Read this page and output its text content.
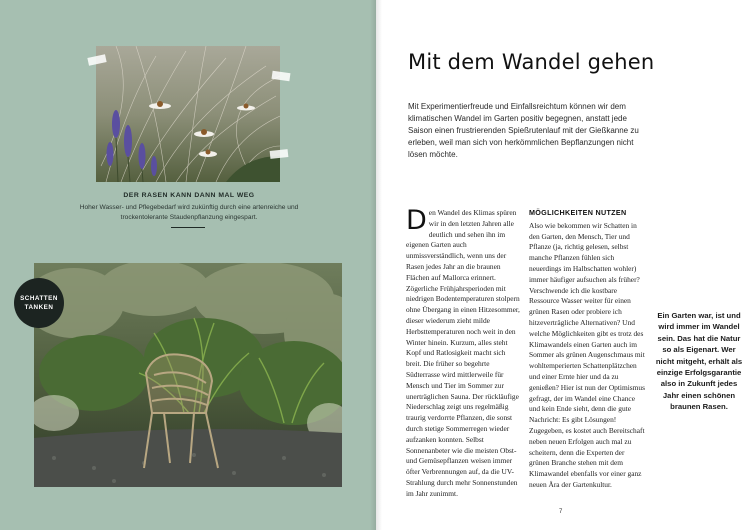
DER RASEN KANN DANN MAL WEG
Hoher Wasser- und Pflegebedarf wird zukünftig durch eine artenreiche und trockentolerante Staudenpflanzung eingespart.
SCHATTEN
TANKEN
Mit dem Wandel gehen

Mit Experimentierfreude und Einfallsreichtum können wir dem klimatischen Wandel im Garten positiv begegnen, anstatt jede Saison einen frustrierenden Spießrutenlauf mit der Gießkanne zu erleben, weil man sich von herkömmlichen Bepflanzungen nicht lösen möchte.

Den Wandel des Klimas spüren wir in den letzten Jahren alle deutlich und sehen ihn im eigenen Garten auch unmissverständlich, wenn uns der Rasen jedes Jahr an die braunen Flächen auf Mallorca erinnert. Zögerliche Frühjahrsperioden mit niedrigen Bodentemperaturen stolpern ohne Übergang in einen Hitzesommer, dieser wiederum zieht milde Herbsttemperaturen noch weit in den Winter hinein. Kurzum, alles steht Kopf und Ratlosigkeit macht sich breit. Die früher so begehrte Südterrasse wird mittlerweile für Mensch und Tier im Sommer zur unerträglichen Sauna. Der rückläufige Niederschlag zeigt uns regelmäßig traurig verdorrte Pflanzen, die sonst durch stetige Sommerregen wieder aufzanken konnten. Selbst Sonnenanbeter wie die meisten Obst- und Gemüsepflanzen weisen immer öfter Verbrennungen auf, da die UV-Strahlung durch mehr Sonnenstunden im Jahr zunimmt.
MÖGLICHKEITEN NUTZEN
Also wie bekommen wir Schatten in den Garten, den Mensch, Tier und Pflanze (ja, richtig gelesen, selbst manche Pflanzen fühlen sich neuerdings im Halbschatten wohler) immer häufiger aufsuchen als früher? Verschwende ich die kostbare Ressource Wasser weiter für einen grünen Rasen oder probiere ich hitzeverträgliche Alternativen? Und welche Möglichkeiten gibt es trotz des Klimawandels einen Garten auch im Sommer als grünen Augenschmaus mit wohltemperierten Schattenplätzchen und einer Ernte hier und da zu genießen? Hier ist nun der Optimismus gefragt, der im Wandel eine Chance und kein Ende sieht, denn die gute Nachricht: Es gibt Lösungen! Zugegeben, es kostet auch Bereitschaft neben neuen Erfolgen auch mal zu scheitern, denn die Experten der grünen Branche stehen mit dem Klimawandel ebenfalls vor einer ganz neuen Ära der Gartenkultur.
Ein Garten war, ist und wird immer im Wandel sein. Das hat die Natur so als Eigenart. Wer nicht mitgeht, erhält als einzige Erfolgsgarantie also in Zukunft jedes Jahr einen schönen braunen Rasen.
7
